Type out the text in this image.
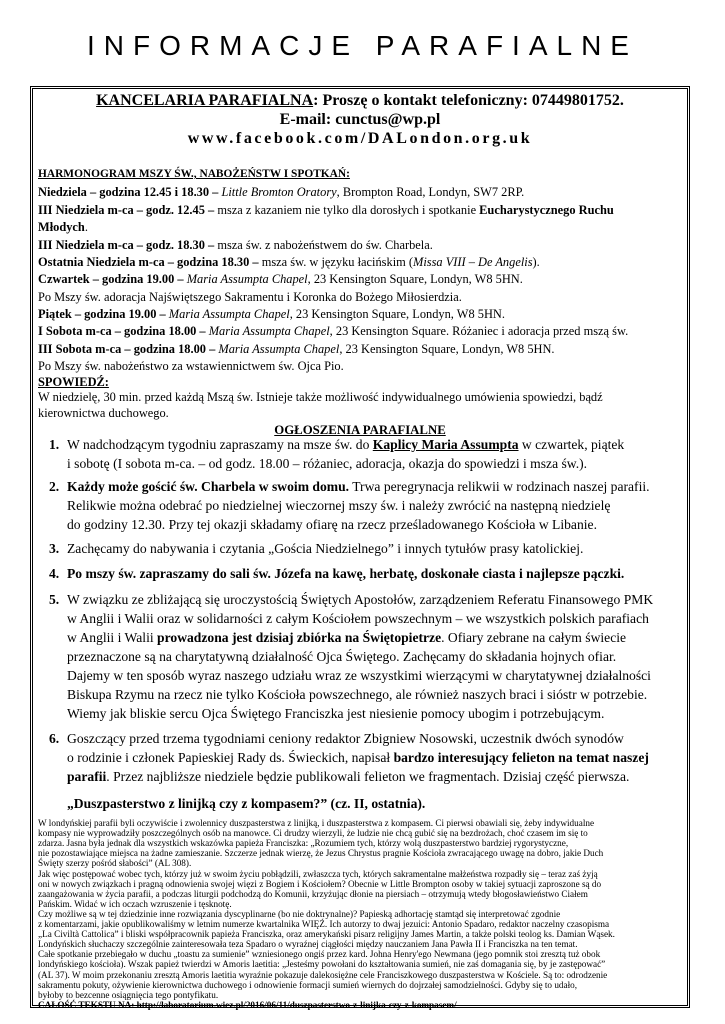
INFORMACJE PARAFIALNE
KANCELARIA PARAFIALNA: Proszę o kontakt telefoniczny: 07449801752.
E-mail: cunctus@wp.pl
www.facebook.com/DALondon.org.uk
HARMONOGRAM MSZY ŚW., NABOŻEŃSTW I SPOTKAŃ:
Niedziela – godzina 12.45 i 18.30 – Little Bromton Oratory, Brompton Road, Londyn, SW7 2RP.
III Niedziela m-ca – godz. 12.45 – msza z kazaniem nie tylko dla dorosłych i spotkanie Eucharystycznego Ruchu
Młodych.
III Niedziela m-ca – godz. 18.30 – msza św. z nabożeństwem do św. Charbela.
Ostatnia Niedziela m-ca – godzina 18.30 – msza św. w języku łacińskim (Missa VIII – De Angelis).
Czwartek – godzina 19.00 – Maria Assumpta Chapel, 23 Kensington Square, Londyn, W8 5HN.
Po Mszy św. adoracja Najświętszego Sakramentu i Koronka do Bożego Miłosierdzia.
Piątek – godzina 19.00 – Maria Assumpta Chapel, 23 Kensington Square, Londyn, W8 5HN.
I Sobota m-ca – godzina 18.00 – Maria Assumpta Chapel, 23 Kensington Square. Różaniec i adoracja przed mszą św.
III Sobota m-ca – godzina 18.00 – Maria Assumpta Chapel, 23 Kensington Square, Londyn, W8 5HN.
Po Mszy św. nabożeństwo za wstawiennictwem św. Ojca Pio.
SPOWIEDŹ:
W niedzielę, 30 min. przed każdą Mszą św. Istnieje także możliwość indywidualnego umówienia spowiedzi, bądź
kierownictwa duchowego.
OGŁOSZENIA PARAFIALNE
1. W nadchodzącym tygodniu zapraszamy na msze św. do Kaplicy Maria Assumpta w czwartek, piątek
i sobotę (I sobota m-ca. – od godz. 18.00 – różaniec, adoracja, okazja do spowiedzi i msza św.).
2. Każdy może gościć św. Charbela w swoim domu. Trwa peregrynacja relikwii w rodzinach naszej parafii.
Relikwie można odebrać po niedzielnej wieczornej mszy św. i należy zwrócić na następną niedzielę
do godziny 12.30. Przy tej okazji składamy ofiarę na rzecz prześladowanego Kościoła w Libanie.
3. Zachęcamy do nabywania i czytania „Gościa Niedzielnego” i innych tytułów prasy katolickiej.
4. Po mszy św. zapraszamy do sali św. Józefa na kawę, herbatę, doskonałe ciasta i najlepsze pączki.
5. W związku ze zbliżającą się uroczystością Świętych Apostołów, zarządzeniem Referatu Finansowego PMK
w Anglii i Walii oraz w solidarności z całym Kościołem powszechnym – we wszystkich polskich parafiach
w Anglii i Walii prowadzona jest dzisiaj zbiórka na Świętopietrze. Ofiary zebrane na całym świecie
przeznaczone są na charytatywną działalność Ojca Świętego. Zachęcamy do składania hojnych ofiar.
Dajemy w ten sposób wyraz naszego udziału wraz ze wszystkimi wierzącymi w charytatywnej działalności
Biskupa Rzymu na rzecz nie tylko Kościoła powszechnego, ale również naszych braci i sióstr w potrzebie.
Wiemy jak bliskie sercu Ojca Świętego Franciszka jest niesienie pomocy ubogim i potrzebującym.
6. Goszczący przed trzema tygodniami ceniony redaktor Zbigniew Nosowski, uczestnik dwóch synodów
o rodzinie i członek Papieskiej Rady ds. Świeckich, napisał bardzo interesujący felieton na temat naszej
parafii. Przez najbliższe niedziele będzie publikowali felieton we fragmentach. Dzisiaj część pierwsza.
„Duszpasterstwo z linijką czy z kompasem?” (cz. II, ostatnia).
W londyńskiej parafii byli oczywiście i zwolennicy duszpasterstwa z linijką, i duszpasterstwa z kompasem. Ci pierwsi obawiali się, żeby indywidualne
kompasy nie wyprowadziły poszczególnych osób na manowce. Ci drudzy wierzyli, że ludzie nie chcą gubić się na bezdrożach, choć czasem im się to
zdarza. Jasna była jednak dla wszystkich wskazówka papieża Franciszka: „Rozumiem tych, którzy wolą duszpasterstwo bardziej rygorystyczne,
nie pozostawiające miejsca na żadne zamieszanie. Szczerze jednak wierzę, że Jezus Chrystus pragnie Kościoła zwracającego uwagę na dobro, jakie Duch
Święty szerzy pośród słabości” (AL 308).
Jak więc postępować wobec tych, którzy już w swoim życiu pobłądzili, zwłaszcza tych, których sakramentalne małżeństwa rozpadły się – teraz zaś żyją
oni w nowych związkach i pragną odnowienia swojej więzi z Bogiem i Kościołem? Obecnie w Little Brompton osoby w takiej sytuacji zaproszone są do
zaangażowania w życia parafii, a podczas liturgii podchodzą do Komunii, krzyżując dłonie na piersiach – otrzymują wtedy błogosławieństwo Ciałem
Pańskim. Widać w ich oczach wzruszenie i tęsknotę.
Czy możliwe są w tej dziedzinie inne rozwiązania dyscyplinarne (bo nie doktrynalne)? Papieską adhortację stamtąd się interpretować zgodnie
z komentarzami, jakie opublikowaliśmy w letnim numerze kwartalnika WIĘŹ. Ich autorzy to dwaj jezuici: Antonio Spadaro, redaktor naczelny czasopisma
„La Civiltà Cattolica” i bliski współpracownik papieża Franciszka, oraz amerykański pisarz religijny James Martin, a także polski teolog ks. Damian Wąsek.
Londyńskich słuchaczy szczególnie zainteresowała teza Spadaro o wyraźnej ciągłości między nauczaniem Jana Pawła II i Franciszka na ten temat.
Całe spotkanie przebiegało w duchu „toastu za sumienie” wzniesionego ongiś przez kard. Johna Henry'ego Newmana (jego pomnik stoi zresztą tuż obok
londyńskiego kościoła). Wszak papież twierdzi w Amoris laetitia: „Jesteśmy powołani do kształtowania sumień, nie zaś domagania się, by je zastępować”
(AL 37). W moim przekonaniu zresztą Amoris laetitia wyraźnie pokazuje dalekosiężne cele Franciszkowego duszpasterstwa w Kościele. Są to: odrodzenie
sakramentu pokuty, ożywienie kierownictwa duchowego i odnowienie formacji sumień wiernych do dojrzałej samodzielności. Gdyby się to udało,
byłoby to bezcenne osiągnięcia tego pontyfikatu.
CAŁOŚĆ TEKSTU NA: http://laboratorium.wiez.pl/2016/06/11/duszpasterstwo-z-linijka-czy-z-kompasem/
